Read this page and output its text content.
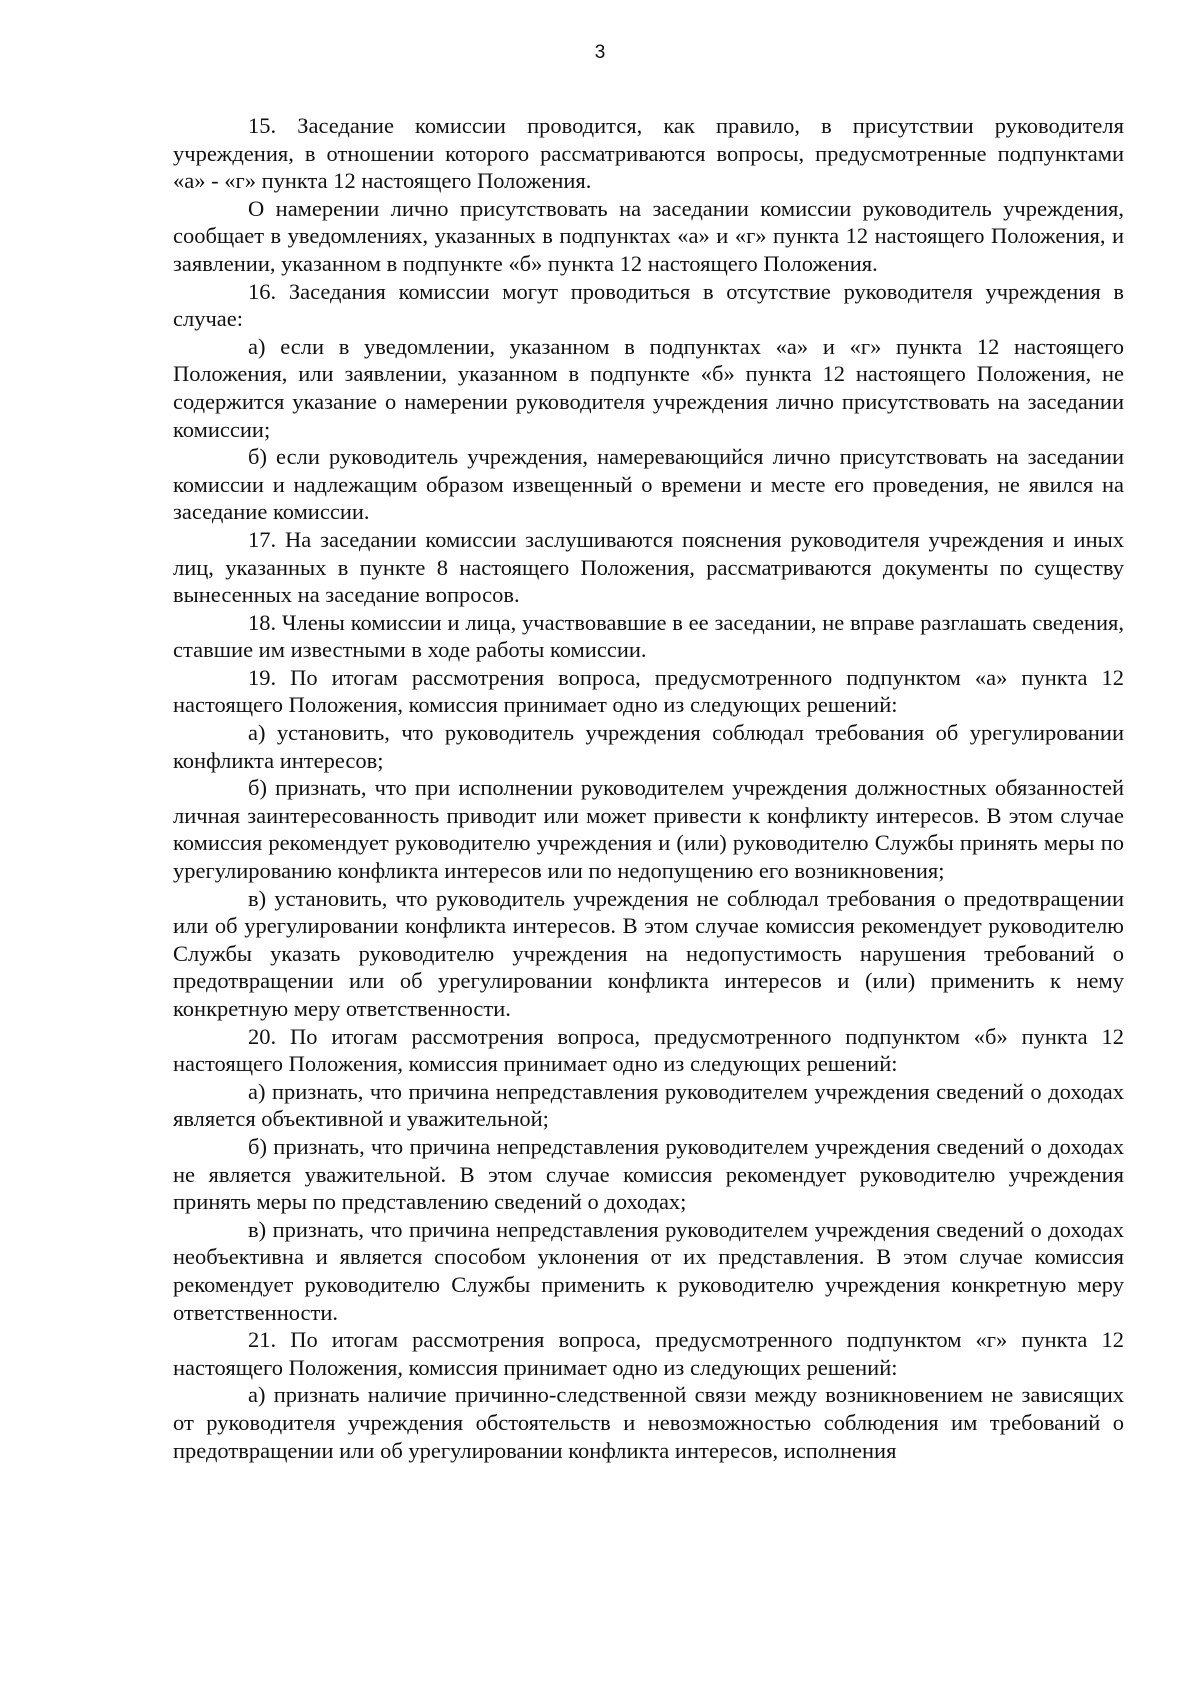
3

15. Заседание комиссии проводится, как правило, в присутствии руководителя учреждения, в отношении которого рассматриваются вопросы, предусмотренные подпунктами «а» - «г» пункта 12 настоящего Положения.

О намерении лично присутствовать на заседании комиссии руководитель учреждения, сообщает в уведомлениях, указанных в подпунктах «а» и «г» пункта 12 настоящего Положения, и заявлении, указанном в подпункте «б» пункта 12 настоящего Положения.

16. Заседания комиссии могут проводиться в отсутствие руководителя учреждения в случае:

а) если в уведомлении, указанном в подпунктах «а» и «г» пункта 12 настоящего Положения, или заявлении, указанном в подпункте «б» пункта 12 настоящего Положения, не содержится указание о намерении руководителя учреждения лично присутствовать на заседании комиссии;

б) если руководитель учреждения, намеревающийся лично присутствовать на заседании комиссии и надлежащим образом извещенный о времени и месте его проведения, не явился на заседание комиссии.

17. На заседании комиссии заслушиваются пояснения руководителя учреждения и иных лиц, указанных в пункте 8 настоящего Положения, рассматриваются документы по существу вынесенных на заседание вопросов.

18. Члены комиссии и лица, участвовавшие в ее заседании, не вправе разглашать сведения, ставшие им известными в ходе работы комиссии.

19. По итогам рассмотрения вопроса, предусмотренного подпунктом «а» пункта 12 настоящего Положения, комиссия принимает одно из следующих решений:

а) установить, что руководитель учреждения соблюдал требования об урегулировании конфликта интересов;

б) признать, что при исполнении руководителем учреждения должностных обязанностей личная заинтересованность приводит или может привести к конфликту интересов. В этом случае комиссия рекомендует руководителю учреждения и (или) руководителю Службы принять меры по урегулированию конфликта интересов или по недопущению его возникновения;

в) установить, что руководитель учреждения не соблюдал требования о предотвращении или об урегулировании конфликта интересов. В этом случае комиссия рекомендует руководителю Службы указать руководителю учреждения на недопустимость нарушения требований о предотвращении или об урегулировании конфликта интересов и (или) применить к нему конкретную меру ответственности.

20. По итогам рассмотрения вопроса, предусмотренного подпунктом «б» пункта 12 настоящего Положения, комиссия принимает одно из следующих решений:

а) признать, что причина непредставления руководителем учреждения сведений о доходах является объективной и уважительной;

б) признать, что причина непредставления руководителем учреждения сведений о доходах не является уважительной. В этом случае комиссия рекомендует руководителю учреждения принять меры по представлению сведений о доходах;

в) признать, что причина непредставления руководителем учреждения сведений о доходах необъективна и является способом уклонения от их представления. В этом случае комиссия рекомендует руководителю Службы применить к руководителю учреждения конкретную меру ответственности.

21. По итогам рассмотрения вопроса, предусмотренного подпунктом «г» пункта 12 настоящего Положения, комиссия принимает одно из следующих решений:

а) признать наличие причинно-следственной связи между возникновением не зависящих от руководителя учреждения обстоятельств и невозможностью соблюдения им требований о предотвращении или об урегулировании конфликта интересов, исполнения
